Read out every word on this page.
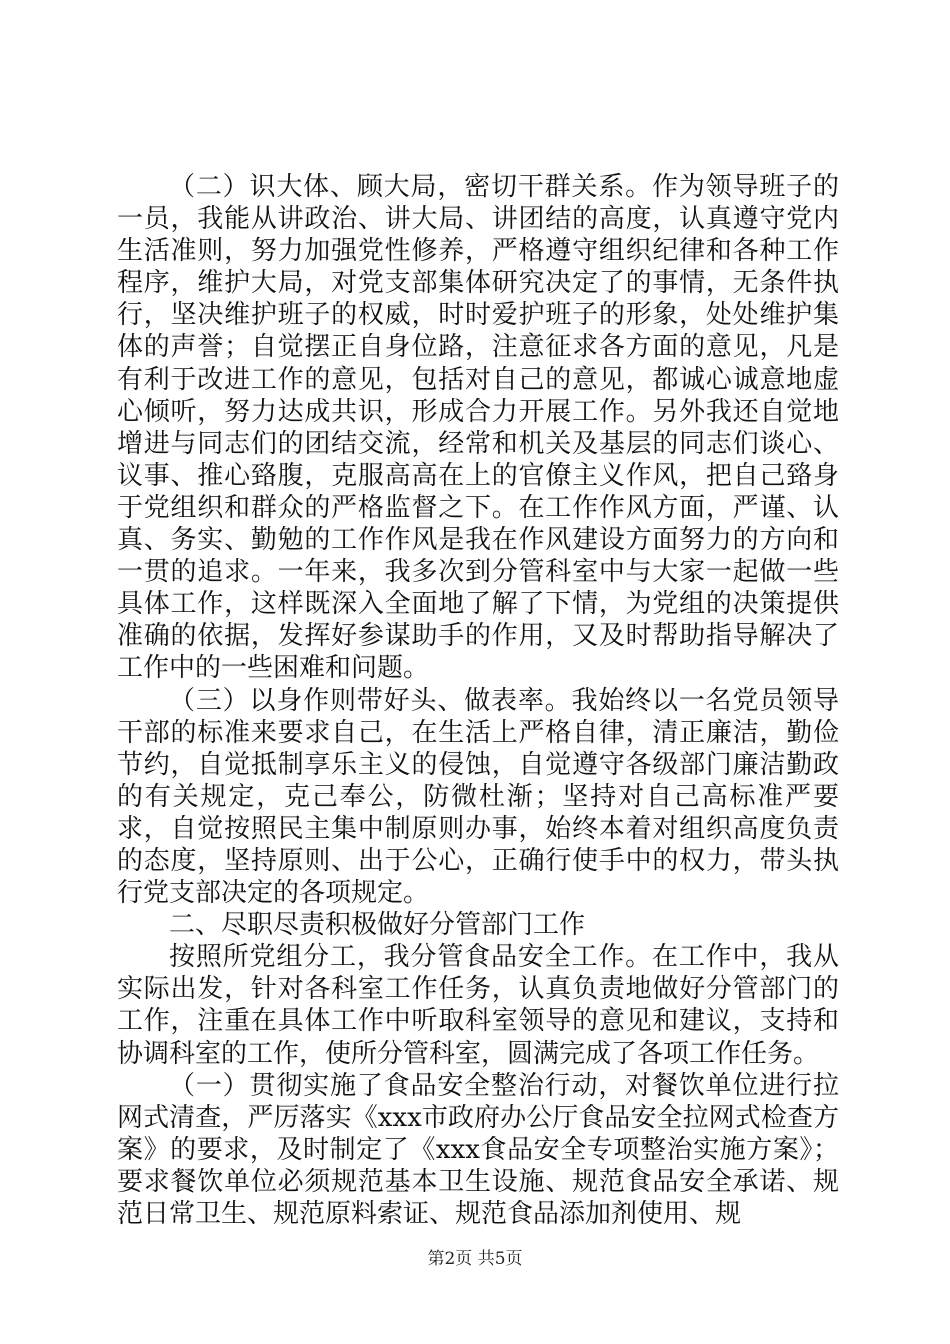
（二）识大体、顾大局，密切干群关系。作为领导班子的一员，我能从讲政治、讲大局、讲团结的高度，认真遵守党内生活准则，努力加强党性修养，严格遵守组织纪律和各种工作程序，维护大局，对党支部集体研究决定了的事情，无条件执行，坚决维护班子的权威，时时爱护班子的形象，处处维护集体的声誉；自觉摆正自身位路，注意征求各方面的意见，凡是有利于改进工作的意见，包括对自己的意见，都诚心诚意地虚心倾听，努力达成共识，形成合力开展工作。另外我还自觉地增进与同志们的团结交流，经常和机关及基层的同志们谈心、议事、推心臵腹，克服高高在上的官僚主义作风，把自己臵身于党组织和群众的严格监督之下。在工作作风方面，严谨、认真、务实、勤勉的工作作风是我在作风建设方面努力的方向和一贯的追求。一年来，我多次到分管科室中与大家一起做一些具体工作，这样既深入全面地了解了下情，为党组的决策提供准确的依据，发挥好参谋助手的作用，又及时帮助指导解决了工作中的一些困难和问题。

（三）以身作则带好头、做表率。我始终以一名党员领导干部的标准来要求自己，在生活上严格自律，清正廉洁，勤俭节约，自觉抵制享乐主义的侵蚀，自觉遵守各级部门廉洁勤政的有关规定，克己奉公，防微杜渐；坚持对自己高标准严要求，自觉按照民主集中制原则办事，始终本着对组织高度负责的态度，坚持原则、出于公心，正确行使手中的权力，带头执行党支部决定的各项规定。

二、尽职尽责积极做好分管部门工作

按照所党组分工，我分管食品安全工作。在工作中，我从实际出发，针对各科室工作任务，认真负责地做好分管部门的工作，注重在具体工作中听取科室领导的意见和建议，支持和协调科室的工作，使所分管科室，圆满完成了各项工作任务。

（一）贯彻实施了食品安全整治行动，对餐饮单位进行拉网式清查，严厉落实《xxx市政府办公厅食品安全拉网式检查方案》的要求，及时制定了《xxx食品安全专项整治实施方案》；要求餐饮单位必须规范基本卫生设施、规范食品安全承诺、规范日常卫生、规范原料索证、规范食品添加剂使用、规

第2页 共5页
